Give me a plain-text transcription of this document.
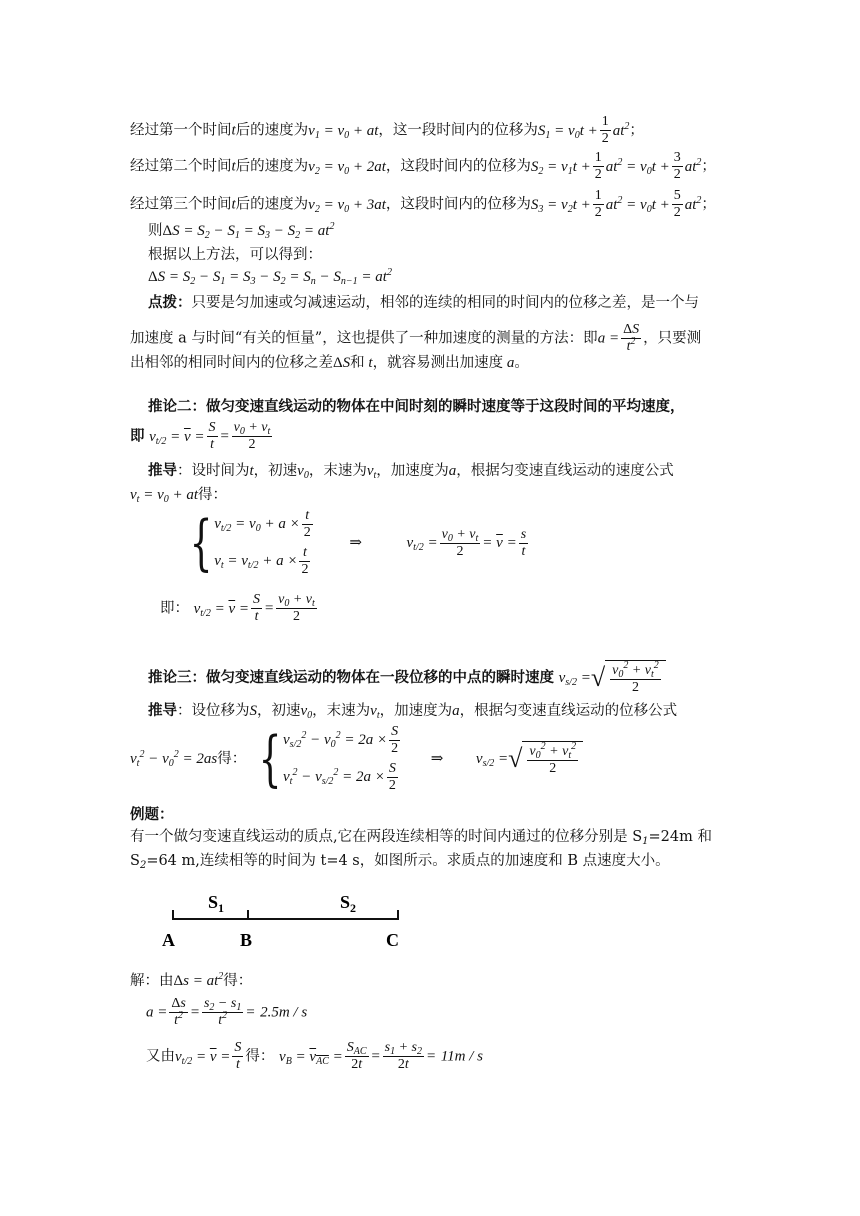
经过第一个时间t后的速度为$v_1 = v_0$ + at，这一段时间内的位移为$S_1 = v_0t + \frac{1}{2} at^2$；
经过第二个时间t后的速度为$v_2 = v_0 + 2at$，这段时间内的位移为$S_2 = v_1t + \frac{1}{2} at^2 = v_0t + \frac{3}{2} at^2$；
经过第三个时间t后的速度为$v_2 = v_0 + 3at$，这段时间内的位移为$S_3 = v_2t + \frac{1}{2} at^2 = v_0t + \frac{5}{2} at^2$；
则$\Delta S = S_2 - S_1 = S_3 - S_2 = at^2$
根据以上方法，可以得到：
$\Delta S = S_2 - S_1 = S_3 - S_2 = S_n - S_{n-1} = at^2$
点拨：只要是匀加速或匀减速运动，相邻的连续的相同的时间内的位移之差，是一个与
加速度 a 与时间“有关的恒量”，这也提供了一种加速度的测量的方法：即$a = \frac{\Delta S}{t^2}$ ，只要测
出相邻的相同时间内的位移之差ΔS和 t，就容易测出加速度 a。
推论二：做匀变速直线运动的物体在中间时刻的瞬时速度等于这段时间的平均速度，
即 $v_{t/2} = \overline{v} = \frac{S}{t} = \frac{v_0 + v_t}{2}$
推导：设时间为t，初速$v_0$，末速为$v_t$，加速度为a，根据匀变速直线运动的速度公式
$v_t = v_0$ + at得：
{ $v_{t/2} = v_0 + a \times \frac{t}{2}$
$v_t = v_{t/2} + a \times \frac{t}{2}$
⇒	$v_{t/2} = \frac{v_0 + v_t}{2} = \overline{v} = \frac{s}{t}$
即： $v_{t/2} = \overline{v} = \frac{S}{t} = \frac{v_0 + v_t}{2}$
推论三：做匀变速直线运动的物体在一段位移的中点的瞬时速度 $v_{s/2}$ = √ $\frac{v_0^2 + v_t^2}{2}$
推导：设位移为S，初速$v_0$，末速为$v_t$，加速度为a，根据匀变速直线运动的位移公式
$v_t^2 - v_0^2 = 2as$得： { $v_{s/2}^2 - v_0^2 = 2a \times \frac{S}{2}$
$v_t^2 - v_{s/2}^2 = 2a \times \frac{S}{2}$
⇒ $v_{s/2}$ = √ $\frac{v_0^2 + v_t^2}{2}$
例题：
有一个做匀变速直线运动的质点,它在两段连续相等的时间内通过的位移分别是 $S_1=24m$ 和
$S_2=64$ m,连续相等的时间为 t=4 s，如图所示。求质点的加速度和 B 点速度大小。
$S_1$	$S_2$
A	B	C
解：由$\Delta s = at^2$得：
$a = \frac{\Delta s}{t^2} = \frac{s_2 - s_1}{t^2} = 2.5m / s$
又由$v_{t/2} = \overline{v} = \frac{S}{t}$ 得： $v_B = v_{AC} = \frac{S_{AC}}{2t} = \frac{s_1 + s_2}{2t} = 11m / s$
